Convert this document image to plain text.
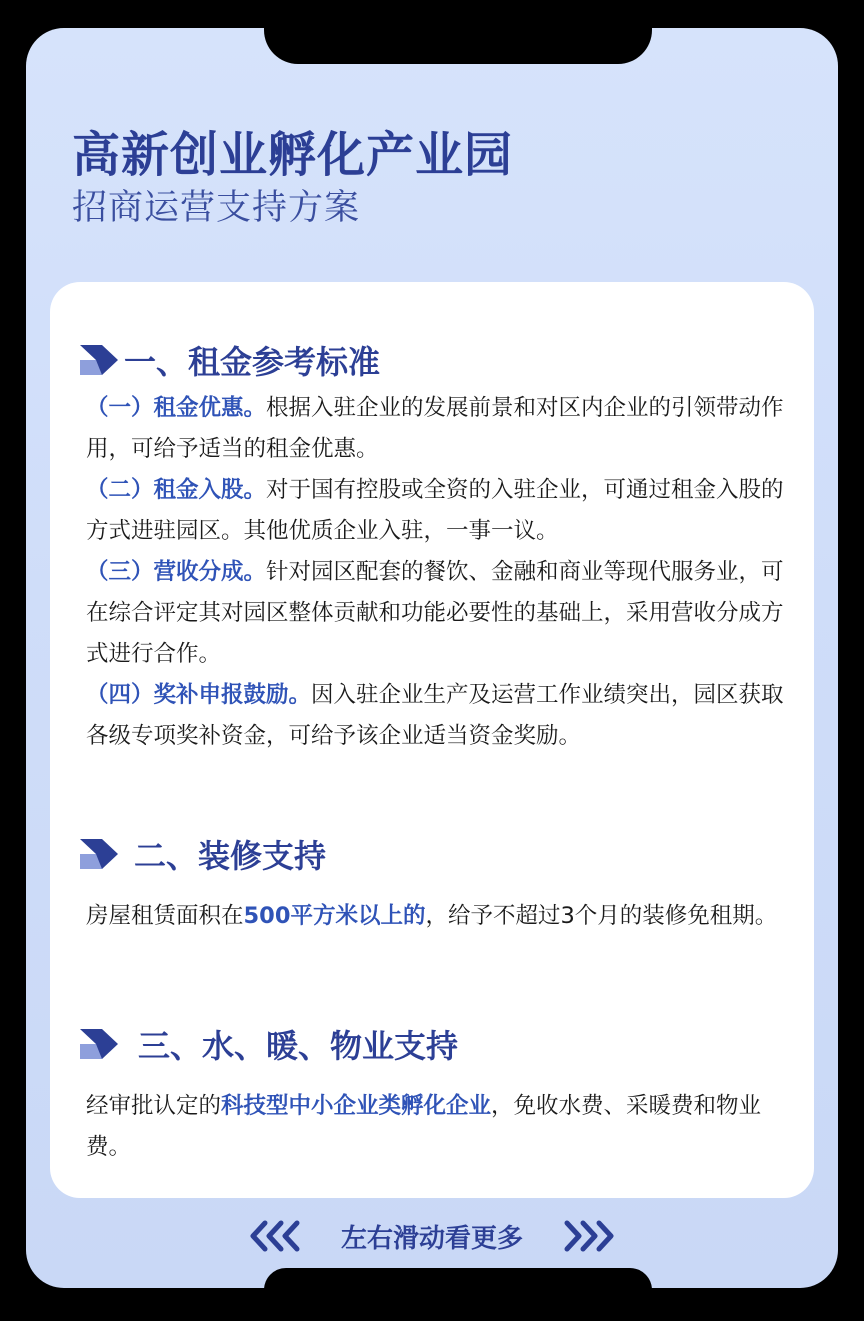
高新创业孵化产业园
招商运营支持方案
一、租金参考标准
（一）租金优惠。根据入驻企业的发展前景和对区内企业的引领带动作用，可给予适当的租金优惠。
（二）租金入股。对于国有控股或全资的入驻企业，可通过租金入股的方式进驻园区。其他优质企业入驻，一事一议。
（三）营收分成。针对园区配套的餐饮、金融和商业等现代服务业，可在综合评定其对园区整体贡献和功能必要性的基础上，采用营收分成方式进行合作。
（四）奖补申报鼓励。因入驻企业生产及运营工作业绩突出，园区获取各级专项奖补资金，可给予该企业适当资金奖励。
二、装修支持
房屋租赁面积在500平方米以上的，给予不超过3个月的装修免租期。
三、水、暖、物业支持
经审批认定的科技型中小企业类孵化企业，免收水费、采暖费和物业费。
左右滑动看更多
